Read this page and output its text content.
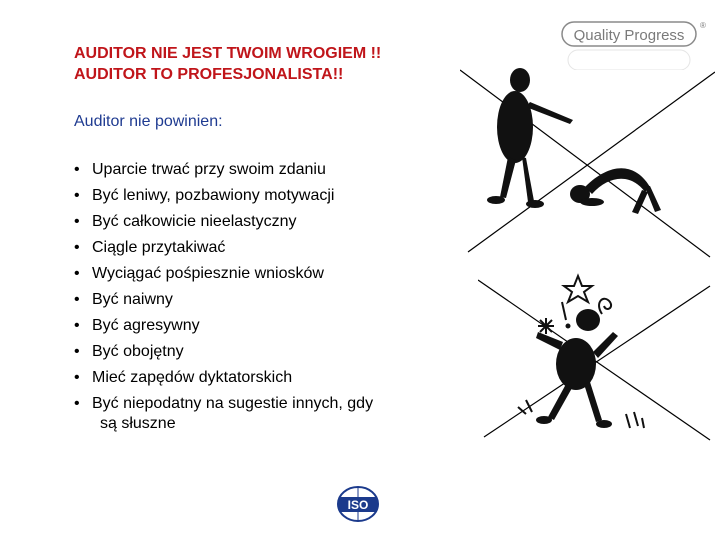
AUDITOR NIE JEST TWOIM WROGIEM !!
AUDITOR TO PROFESJONALISTA!!
Auditor nie powinien:
• Uparcie trwać przy swoim zdaniu
• Być leniwy, pozbawiony motywacji
• Być całkowicie nieelastyczny
• Ciągle przytakiwać
• Wyciągać pośpiesznie wniosków
• Być naiwny
• Być agresywny
• Być obojętny
• Mieć zapędów dyktatorskich
• Być niepodatny na sugestie innych, gdy
są słuszne
Quality Progress
®
ISO
